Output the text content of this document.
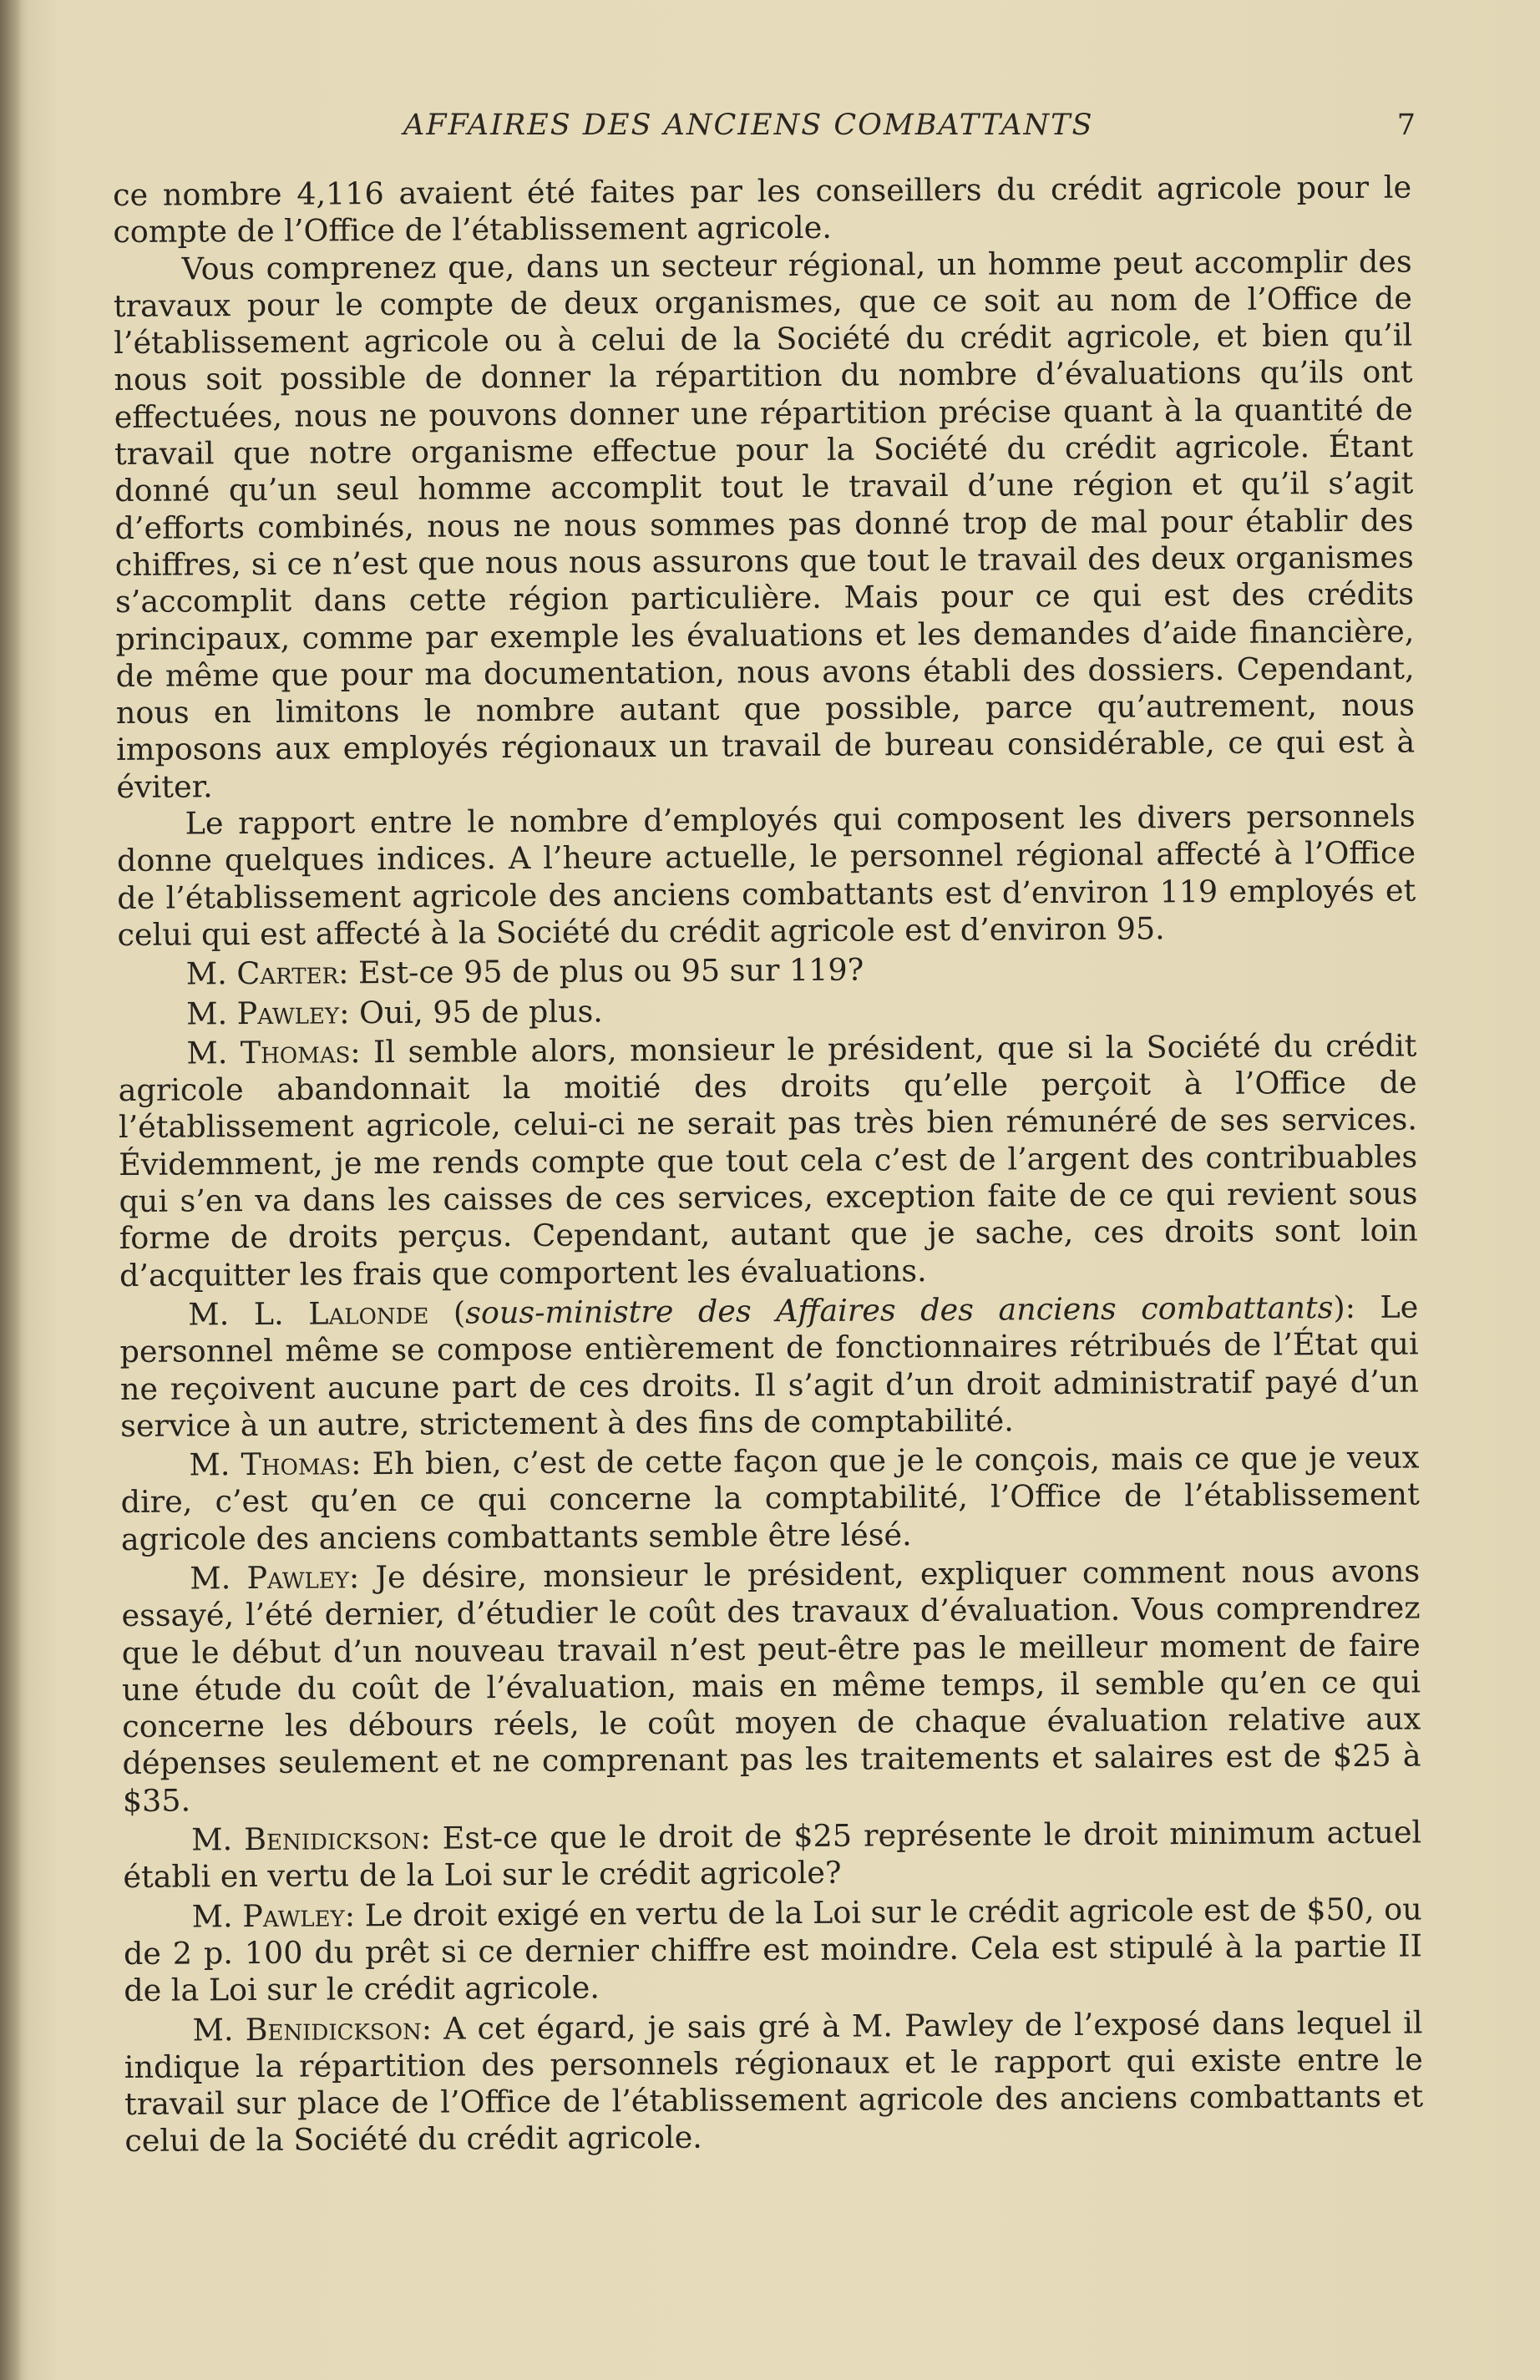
AFFAIRES DES ANCIENS COMBATTANTS	7

ce nombre 4,116 avaient été faites par les conseillers du crédit agricole pour le compte de l’Office de l’établissement agricole.

Vous comprenez que, dans un secteur régional, un homme peut accomplir des travaux pour le compte de deux organismes, que ce soit au nom de l’Office de l’établissement agricole ou à celui de la Société du crédit agricole, et bien qu’il nous soit possible de donner la répartition du nombre d’évaluations qu’ils ont effectuées, nous ne pouvons donner une répartition précise quant à la quantité de travail que notre organisme effectue pour la Société du crédit agricole. Étant donné qu’un seul homme accomplit tout le travail d’une région et qu’il s’agit d’efforts combinés, nous ne nous sommes pas donné trop de mal pour établir des chiffres, si ce n’est que nous nous assurons que tout le travail des deux organismes s’accomplit dans cette région particulière. Mais pour ce qui est des crédits principaux, comme par exemple les évaluations et les demandes d’aide financière, de même que pour ma documentation, nous avons établi des dossiers. Cependant, nous en limitons le nombre autant que possible, parce qu’autrement, nous imposons aux employés régionaux un travail de bureau considérable, ce qui est à éviter.

Le rapport entre le nombre d’employés qui composent les divers personnels donne quelques indices. A l’heure actuelle, le personnel régional affecté à l’Office de l’établissement agricole des anciens combattants est d’environ 119 employés et celui qui est affecté à la Société du crédit agricole est d’environ 95.

M. Carter: Est-ce 95 de plus ou 95 sur 119?

M. Pawley: Oui, 95 de plus.

M. Thomas: Il semble alors, monsieur le président, que si la Société du crédit agricole abandonnait la moitié des droits qu’elle perçoit à l’Office de l’établissement agricole, celui-ci ne serait pas très bien rémunéré de ses services. Évidemment, je me rends compte que tout cela c’est de l’argent des contribuables qui s’en va dans les caisses de ces services, exception faite de ce qui revient sous forme de droits perçus. Cependant, autant que je sache, ces droits sont loin d’acquitter les frais que comportent les évaluations.

M. L. Lalonde (sous-ministre des Affaires des anciens combattants): Le personnel même se compose entièrement de fonctionnaires rétribués de l’État qui ne reçoivent aucune part de ces droits. Il s’agit d’un droit administratif payé d’un service à un autre, strictement à des fins de comptabilité.

M. Thomas: Eh bien, c’est de cette façon que je le conçois, mais ce que je veux dire, c’est qu’en ce qui concerne la comptabilité, l’Office de l’établissement agricole des anciens combattants semble être lésé.

M. Pawley: Je désire, monsieur le président, expliquer comment nous avons essayé, l’été dernier, d’étudier le coût des travaux d’évaluation. Vous comprendrez que le début d’un nouveau travail n’est peut-être pas le meilleur moment de faire une étude du coût de l’évaluation, mais en même temps, il semble qu’en ce qui concerne les débours réels, le coût moyen de chaque évaluation relative aux dépenses seulement et ne comprenant pas les traitements et salaires est de $25 à $35.

M. Benidickson: Est-ce que le droit de $25 représente le droit minimum actuel établi en vertu de la Loi sur le crédit agricole?

M. Pawley: Le droit exigé en vertu de la Loi sur le crédit agricole est de $50, ou de 2 p. 100 du prêt si ce dernier chiffre est moindre. Cela est stipulé à la partie II de la Loi sur le crédit agricole.

M. Benidickson: A cet égard, je sais gré à M. Pawley de l’exposé dans lequel il indique la répartition des personnels régionaux et le rapport qui existe entre le travail sur place de l’Office de l’établissement agricole des anciens combattants et celui de la Société du crédit agricole.
